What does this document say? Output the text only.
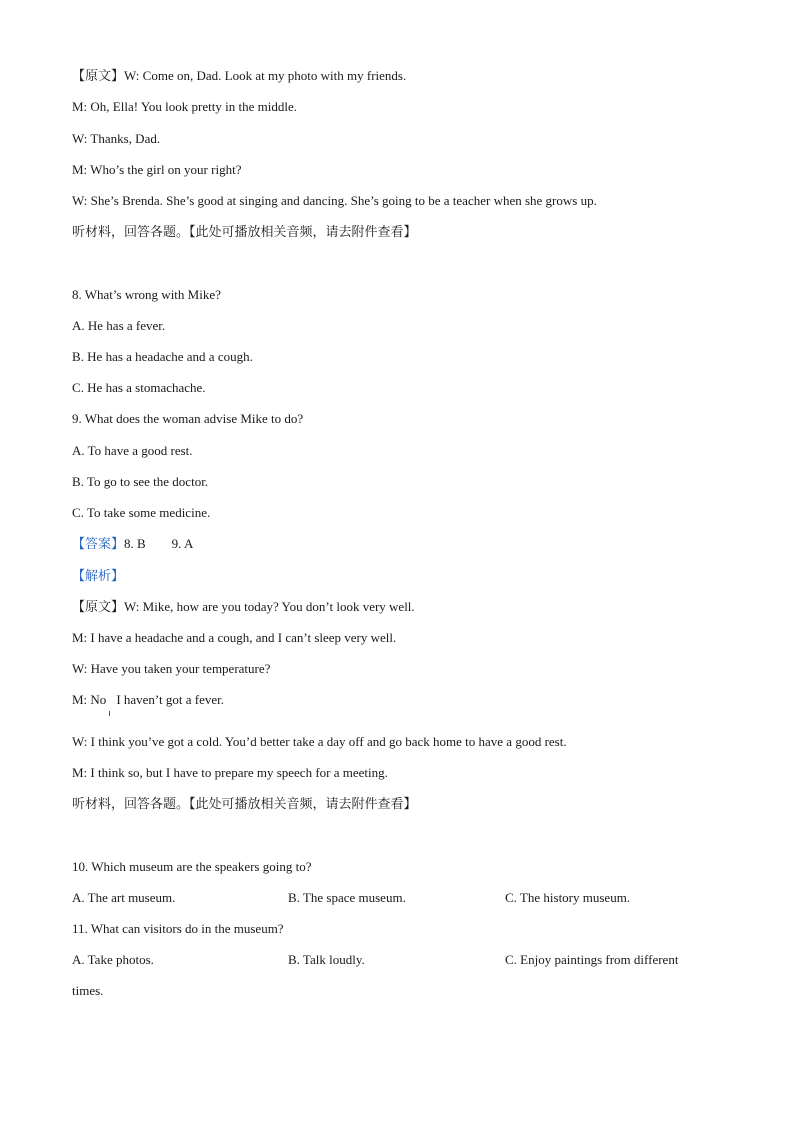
【原文】W: Come on, Dad. Look at my photo with my friends.
M: Oh, Ella! You look pretty in the middle.
W: Thanks, Dad.
M: Who’s the girl on your right?
W: She’s Brenda. She’s good at singing and dancing. She’s going to be a teacher when she grows up.
听材料，回答各题。【此处可播放相关音频，请去附件查看】
8. What’s wrong with Mike?
A. He has a fever.
B. He has a headache and a cough.
C. He has a stomachache.
9. What does the woman advise Mike to do?
A. To have a good rest.
B. To go to see the doctor.
C. To take some medicine.
【答案】8. B        9. A
【解析】
【原文】W: Mike, how are you today? You don’t look very well.
M: I have a headache and a cough, and I can’t sleep very well.
W: Have you taken your temperature?
M: No I haven’t got a fever.
W: I think you’ve got a cold. You’d better take a day off and go back home to have a good rest.
M: I think so, but I have to prepare my speech for a meeting.
听材料，回答各题。【此处可播放相关音频，请去附件查看】
10. Which museum are the speakers going to?
A. The art museum.	B. The space museum.	C. The history museum.
11. What can visitors do in the museum?
A. Take photos.	B. Talk loudly.	C. Enjoy paintings from different
times.
